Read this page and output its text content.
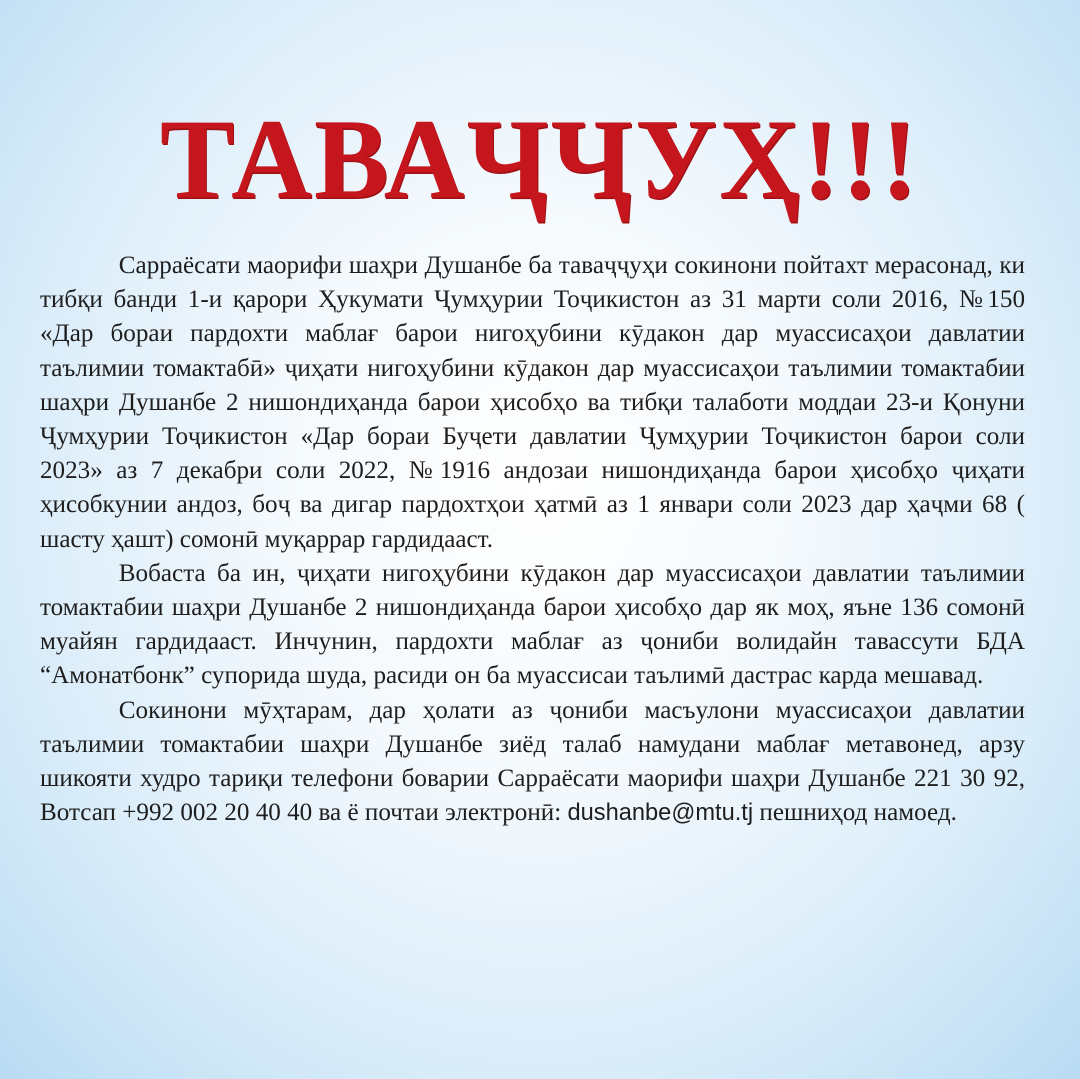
ТАВАҶҶУҲ!!!

Сарраёсати маорифи шаҳри Душанбе ба таваҷҷуҳи сокинони пойтахт мерасонад, ки тибқи банди 1-и қарори Ҳукумати Ҷумҳурии Тоҷикистон аз 31 марти соли 2016, №150 «Дар бораи пардохти маблағ барои нигоҳубини кӯдакон дар муассисаҳои давлатии таълимии томактабӣ» ҷиҳати нигоҳубини кӯдакон дар муассисаҳои таълимии томактабии шаҳри Душанбе 2 нишондиҳанда барои ҳисобҳо ва тибқи талаботи моддаи 23-и Қонуни Ҷумҳурии Тоҷикистон «Дар бораи Буҷети давлатии Ҷумҳурии Тоҷикистон барои соли 2023» аз 7 декабри соли 2022, №1916 андозаи нишондиҳанда барои ҳисобҳо ҷиҳати ҳисобкунии андоз, боҷ ва дигар пардохтҳои ҳатмӣ аз 1 январи соли 2023 дар ҳаҷми 68 ( шасту ҳашт) сомонӣ муқаррар гардидааст.

Вобаста ба ин, ҷиҳати нигоҳубини кӯдакон дар муассисаҳои давлатии таълимии томактабии шаҳри Душанбе 2 нишондиҳанда барои ҳисобҳо дар як моҳ, яъне 136 сомонӣ муайян гардидааст. Инчунин, пардохти маблағ аз ҷониби волидайн тавассути БДА “Амонатбонк” супорида шуда, расиди он ба муассисаи таълимӣ дастрас карда мешавад.

Сокинони мӯҳтарам, дар ҳолати аз ҷониби масъулони муассисаҳои давлатии таълимии томактабии шаҳри Душанбе зиёд талаб намудани маблағ метавонед, арзу шикояти худро тариқи телефони боварии Сарраёсати маорифи шаҳри Душанбе 221 30 92, Вотсап +992 002 20 40 40 ва ё почтаи электронӣ: dushanbe@mtu.tj пешниҳод намоед.
